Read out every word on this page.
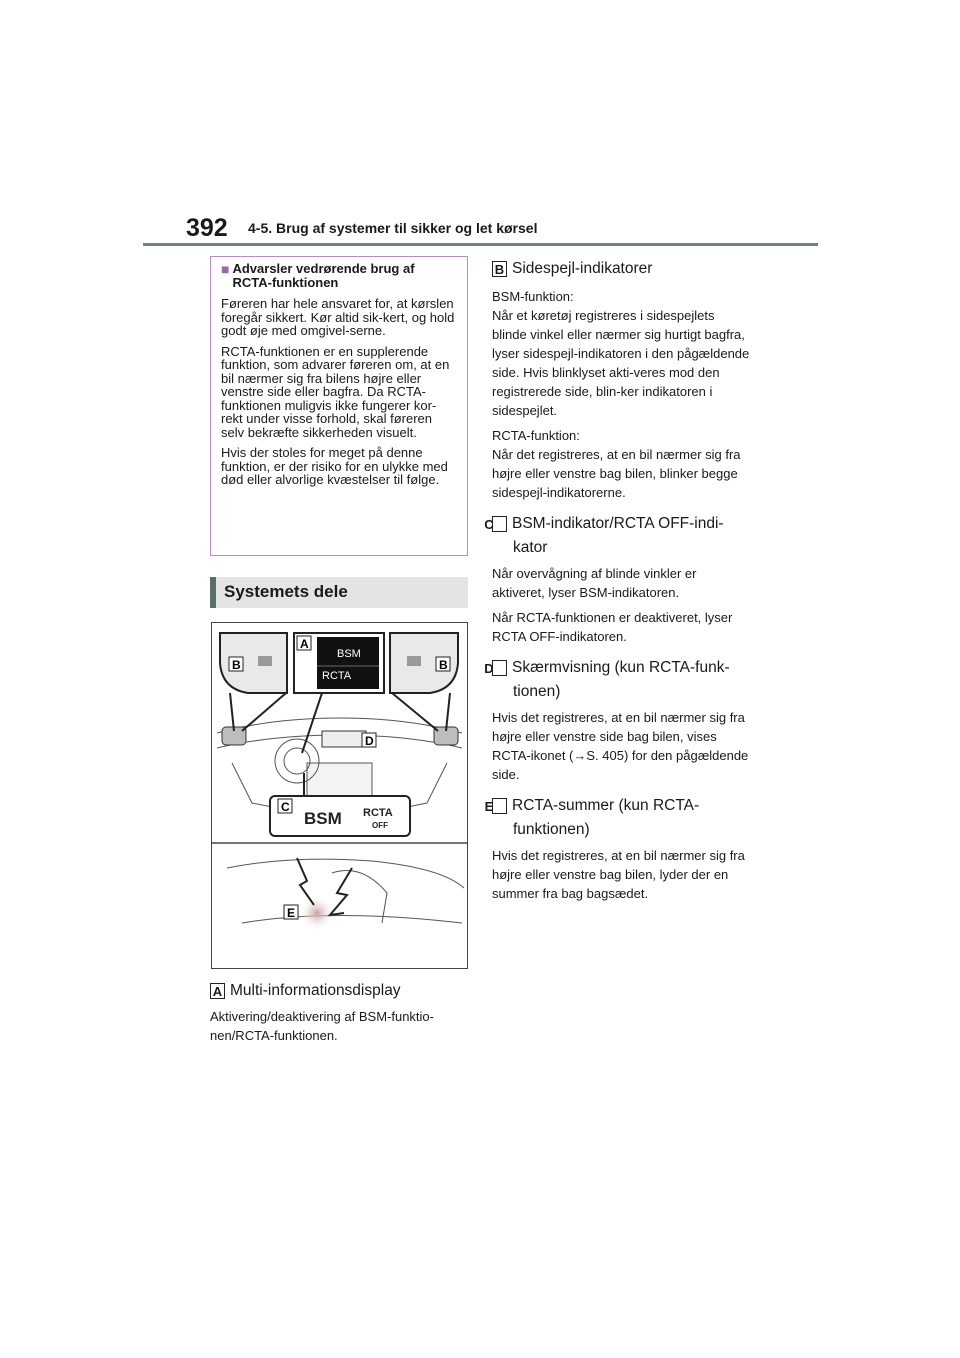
392 4-5. Brug af systemer til sikker og let kørsel
■ Advarsler vedrørende brug af RCTA-funktionen

Føreren har hele ansvaret for, at kørslen foregår sikkert. Kør altid sik-kert, og hold godt øje med omgivel-serne.

RCTA-funktionen er en supplerende funktion, som advarer føreren om, at en bil nærmer sig fra bilens højre eller venstre side eller bagfra. Da RCTA-funktionen muligvis ikke fungerer kor-rekt under visse forhold, skal føreren selv bekræfte sikkerheden visuelt.

Hvis der stoles for meget på denne funktion, er der risiko for en ulykke med død eller alvorlige kvæstelser til følge.

Systemets dele
BSM
RCTA
A
B	B
D
C
BSM RCTA
OFF
E
A Multi-informationsdisplay

Aktivering/deaktivering af BSM-funktio-nen/RCTA-funktionen.

B Sidespejl-indikatorer

BSM-funktion:

Når et køretøj registreres i sidespejlets blinde vinkel eller nærmer sig hurtigt bagfra, lyser sidespejl-indikatoren i den pågældende side. Hvis blinklyset akti-veres mod den registrerede side, blin-ker indikatoren i sidespejlet.

RCTA-funktion:

Når det registreres, at en bil nærmer sig fra højre eller venstre bag bilen, blinker begge sidespejl-indikatorerne.

C BSM-indikator/RCTA OFF-indi-kator

Når overvågning af blinde vinkler er aktiveret, lyser BSM-indikatoren.

Når RCTA-funktionen er deaktiveret, lyser RCTA OFF-indikatoren.

D Skærmvisning (kun RCTA-funk-tionen)

Hvis det registreres, at en bil nærmer sig fra højre eller venstre side bag bilen, vises RCTA-ikonet (→S. 405) for den pågældende side.

E RCTA-summer (kun RCTA-funktionen)

Hvis det registreres, at en bil nærmer sig fra højre eller venstre bag bilen, lyder der en summer fra bag bagsædet.
